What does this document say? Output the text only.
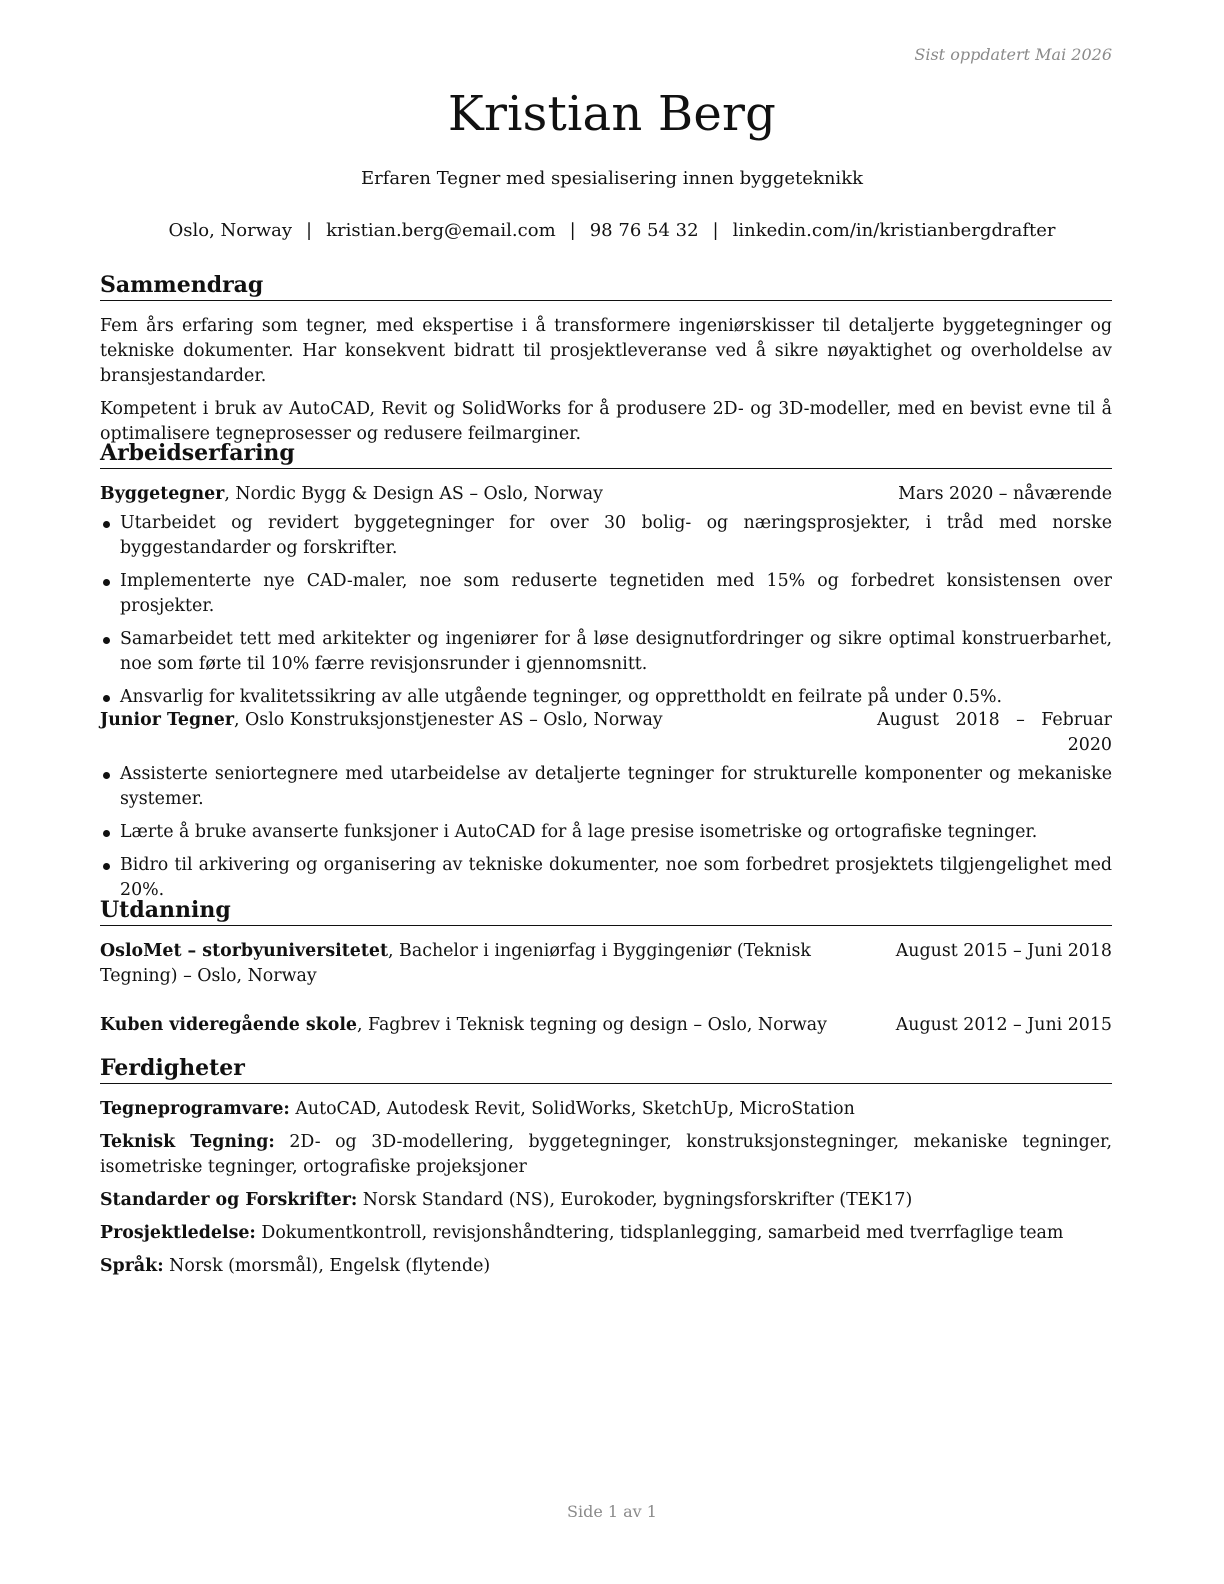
Sist oppdatert Mai 2026
Kristian Berg
Erfaren Tegner med spesialisering innen byggeteknikk
Oslo, Norway | kristian.berg@email.com | 98 76 54 32 | linkedin.com/in/kristianbergdrafter
Sammendrag

Fem års erfaring som tegner, med ekspertise i å transformere ingeniørskisser til detaljerte byggetegninger og tekniske dokumenter. Har konsekvent bidratt til prosjektleveranse ved å sikre nøyaktighet og overholdelse av bransjestandarder.

Kompetent i bruk av AutoCAD, Revit og SolidWorks for å produsere 2D- og 3D-modeller, med en bevist evne til å optimalisere tegneprosesser og redusere feilmarginer.

Arbeidserfaring
Byggetegner, Nordic Bygg & Design AS – Oslo, Norway	Mars 2020 – nåværende
Utarbeidet og revidert byggetegninger for over 30 bolig- og næringsprosjekter, i tråd med norske byggestandarder og forskrifter.
Implementerte nye CAD-maler, noe som reduserte tegnetiden med 15% og forbedret konsistensen over prosjekter.
Samarbeidet tett med arkitekter og ingeniører for å løse designutfordringer og sikre optimal konstruerbarhet, noe som førte til 10% færre revisjonsrunder i gjennomsnitt.
Ansvarlig for kvalitetssikring av alle utgående tegninger, og opprettholdt en feilrate på under 0.5%.
Junior Tegner, Oslo Konstruksjonstjenester AS – Oslo, Norway	August 2018 – Februar 2020
Assisterte seniortegnere med utarbeidelse av detaljerte tegninger for strukturelle komponenter og mekaniske systemer.
Lærte å bruke avanserte funksjoner i AutoCAD for å lage presise isometriske og ortografiske tegninger.
Bidro til arkivering og organisering av tekniske dokumenter, noe som forbedret prosjektets tilgjengelighet med 20%.
Utdanning
OsloMet – storbyuniversitetet, Bachelor i ingeniørfag i Byggingeniør (Teknisk Tegning) – Oslo, Norway
August 2015 – Juni 2018
Kuben videregående skole, Fagbrev i Teknisk tegning og design – Oslo, Norway	August 2012 – Juni 2015
Ferdigheter
Tegneprogramvare: AutoCAD, Autodesk Revit, SolidWorks, SketchUp, MicroStation
Teknisk Tegning: 2D- og 3D-modellering, byggetegninger, konstruksjonstegninger, mekaniske tegninger, isometriske tegninger, ortografiske projeksjoner
Standarder og Forskrifter: Norsk Standard (NS), Eurokoder, bygningsforskrifter (TEK17)
Prosjektledelse: Dokumentkontroll, revisjonshåndtering, tidsplanlegging, samarbeid med tverrfaglige team
Språk: Norsk (morsmål), Engelsk (flytende)
Side 1 av 1
